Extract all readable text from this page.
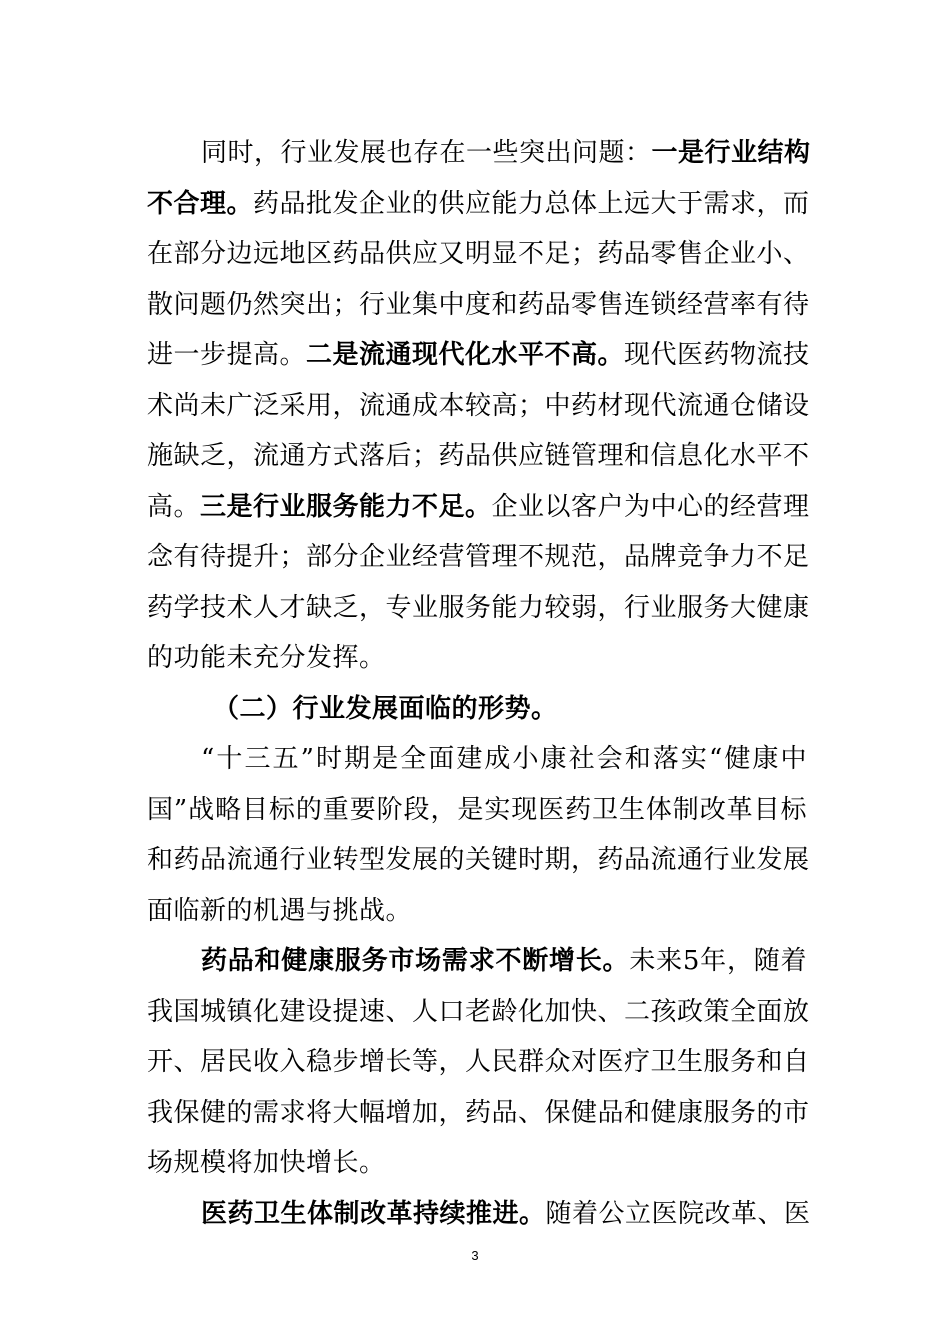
同时，行业发展也存在一些突出问题：一是行业结构
不合理。药品批发企业的供应能力总体上远大于需求，而
在部分边远地区药品供应又明显不足；药品零售企业小、
散问题仍然突出；行业集中度和药品零售连锁经营率有待
进一步提高。二是流通现代化水平不高。现代医药物流技
术尚未广泛采用，流通成本较高；中药材现代流通仓储设
施缺乏，流通方式落后；药品供应链管理和信息化水平不
高。三是行业服务能力不足。企业以客户为中心的经营理
念有待提升；部分企业经营管理不规范，品牌竞争力不足
药学技术人才缺乏，专业服务能力较弱，行业服务大健康
的功能未充分发挥。
（二）行业发展面临的形势。
“十三五”时期是全面建成小康社会和落实“健康中
国”战略目标的重要阶段，是实现医药卫生体制改革目标
和药品流通行业转型发展的关键时期，药品流通行业发展
面临新的机遇与挑战。
药品和健康服务市场需求不断增长。未来5年，随着
我国城镇化建设提速、人口老龄化加快、二孩政策全面放
开、居民收入稳步增长等，人民群众对医疗卫生服务和自
我保健的需求将大幅增加，药品、保健品和健康服务的市
场规模将加快增长。
医药卫生体制改革持续推进。随着公立医院改革、医
3
